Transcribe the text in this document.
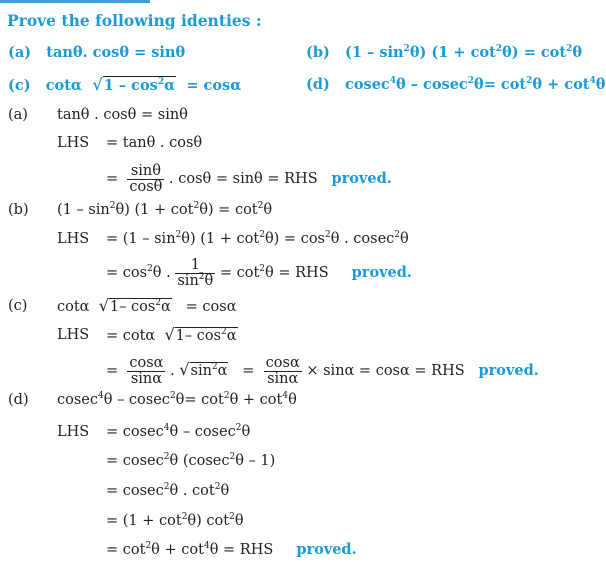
Prove the following identies :
(a) tanθ. cosθ = sinθ	(b) $(1 - \sin^2\theta)$ $(1 + \cot^2\theta) = \cot^2\theta$
(c) cotα $√1 - \cos^2\alpha = \cos\alpha$	(d) $cosec^4\theta - cosec^2\theta= \cot^2\theta + \cot^4\theta$
(a) tanθ . cosθ = sinθ
LHS = tanθ . cosθ
= $\frac{\sin\theta}{\cos\theta}$ . cosθ = sinθ = RHS proved.
(b) $(1 - \sin^2\theta)$ $(1 + \cot^2\theta) = \cot^2\theta$
LHS = $(1 - \sin^2\theta)$ $(1 + \cot^2\theta) = \cos^2\theta$ . cosec$^2$θ
= $\cos^2\theta$ . $\frac{1}{\sin^2\theta} = \cot^2\theta$ = RHS proved.
(c) cotα √1– $\cos^2\alpha = \cos\alpha$
LHS = cotα √1– $\cos^2\alpha$
= $\frac{\cos\alpha}{\sin\alpha}$ . $√\sin^2\alpha = \frac{\cos\alpha}{\sin\alpha} \times \sin\alpha = \cos\alpha$ = RHS proved.
(d) $cosec^4\theta - cosec^2\theta= \cot^2\theta + \cot^4\theta$
LHS = cosec$^4$θ – cosec$^2$θ
= cosec$^2$θ (cosec$^2$θ – 1)
= cosec$^2$θ . $\cot^2\theta$
= $(1 + \cot^2\theta)$ $\cot^2\theta$
= $\cot^2\theta + \cot^4\theta$ = RHS proved.
